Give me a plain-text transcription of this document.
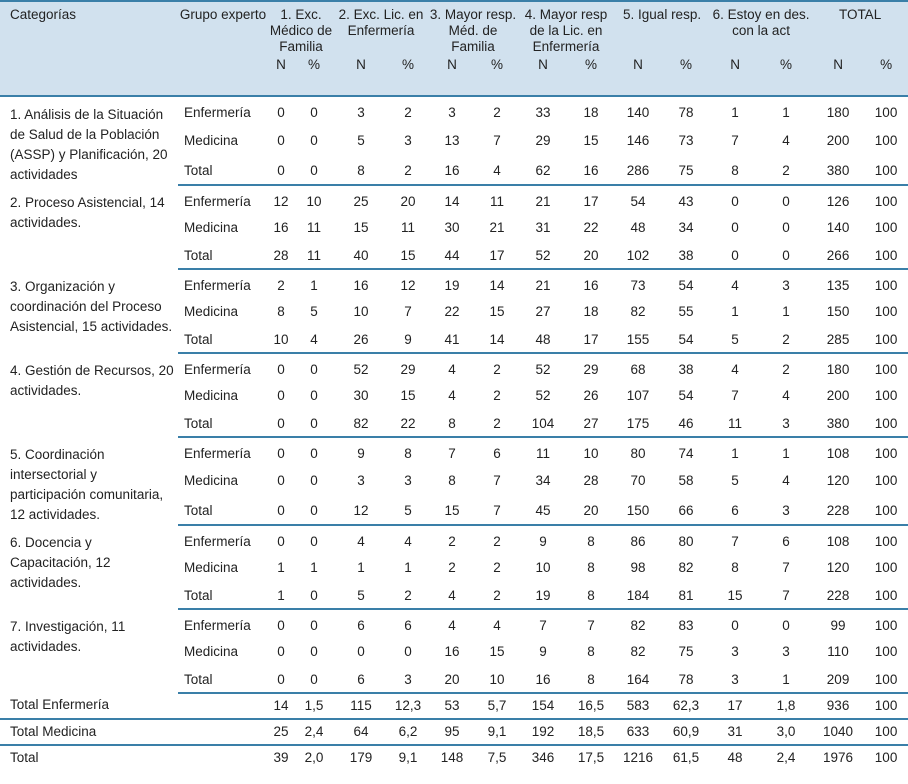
Categorías	Grupo experto	1. Exc. Médico de Familia		2. Exc. Lic. en Enfermería		3. Mayor resp. Méd. de Familia		4. Mayor resp de la Lic. en Enfermería		5. Igual resp.		6. Estoy en des. con la act		TOTAL	
		N	%	N	%	N	%	N	%	N	%	N	%	N	%
1. Análisis de la Situación de Salud de la Población (ASSP) y Planificación, 20 actividades	Enfermería	0	0	3	2	3	2	33	18	140	78	1	1	180	100
	Medicina	0	0	5	3	13	7	29	15	146	73	7	4	200	100
	Total	0	0	8	2	16	4	62	16	286	75	8	2	380	100
2. Proceso Asistencial, 14 actividades.	Enfermería	12	10	25	20	14	11	21	17	54	43	0	0	126	100
	Medicina	16	11	15	11	30	21	31	22	48	34	0	0	140	100
	Total	28	11	40	15	44	17	52	20	102	38	0	0	266	100
3. Organización y coordinación del Proceso Asistencial, 15 actividades.	Enfermería	2	1	16	12	19	14	21	16	73	54	4	3	135	100
	Medicina	8	5	10	7	22	15	27	18	82	55	1	1	150	100
	Total	10	4	26	9	41	14	48	17	155	54	5	2	285	100
4. Gestión de Recursos, 20 actividades.	Enfermería	0	0	52	29	4	2	52	29	68	38	4	2	180	100
	Medicina	0	0	30	15	4	2	52	26	107	54	7	4	200	100
	Total	0	0	82	22	8	2	104	27	175	46	11	3	380	100
5. Coordinación intersectorial y participación comunitaria, 12 actividades.	Enfermería	0	0	9	8	7	6	11	10	80	74	1	1	108	100
	Medicina	0	0	3	3	8	7	34	28	70	58	5	4	120	100
	Total	0	0	12	5	15	7	45	20	150	66	6	3	228	100
6. Docencia y Capacitación, 12 actividades.	Enfermería	0	0	4	4	2	2	9	8	86	80	7	6	108	100
	Medicina	1	1	1	1	2	2	10	8	98	82	8	7	120	100
	Total	1	0	5	2	4	2	19	8	184	81	15	7	228	100
7. Investigación, 11 actividades.	Enfermería	0	0	6	6	4	4	7	7	82	83	0	0	99	100
	Medicina	0	0	0	0	16	15	9	8	82	75	3	3	110	100
	Total	0	0	6	3	20	10	16	8	164	78	3	1	209	100
Total Enfermería		14	1,5	115	12,3	53	5,7	154	16,5	583	62,3	17	1,8	936	100
Total Medicina		25	2,4	64	6,2	95	9,1	192	18,5	633	60,9	31	3,0	1040	100
Total		39	2,0	179	9,1	148	7,5	346	17,5	1216	61,5	48	2,4	1976	100
